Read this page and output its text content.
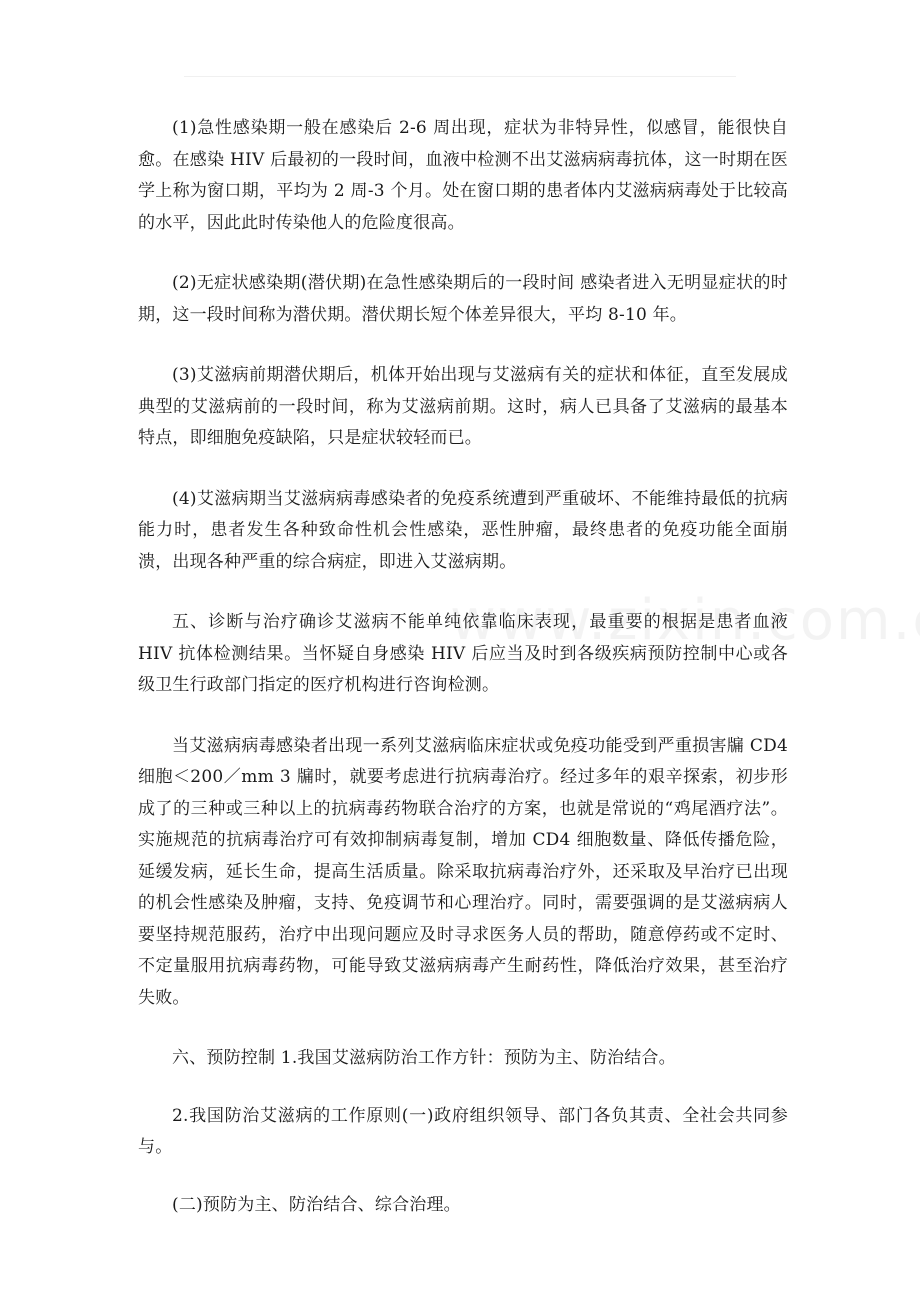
(1)急性感染期一般在感染后 2-6 周出现，症状为非特异性，似感冒，能很快自愈。在感染 HIV 后最初的一段时间，血液中检测不出艾滋病病毒抗体，这一时期在医学上称为窗口期，平均为 2 周-3 个月。处在窗口期的患者体内艾滋病病毒处于比较高的水平，因此此时传染他人的危险度很高。

(2)无症状感染期(潜伏期)在急性感染期后的一段时间 感染者进入无明显症状的时期，这一段时间称为潜伏期。潜伏期长短个体差异很大，平均 8-10 年。

(3)艾滋病前期潜伏期后，机体开始出现与艾滋病有关的症状和体征，直至发展成典型的艾滋病前的一段时间，称为艾滋病前期。这时，病人已具备了艾滋病的最基本特点，即细胞免疫缺陷，只是症状较轻而已。

(4)艾滋病期当艾滋病病毒感染者的免疫系统遭到严重破坏、不能维持最低的抗病能力时，患者发生各种致命性机会性感染，恶性肿瘤，最终患者的免疫功能全面崩溃，出现各种严重的综合病症，即进入艾滋病期。

五、诊断与治疗确诊艾滋病不能单纯依靠临床表现，最重要的根据是患者血液 HIV 抗体检测结果。当怀疑自身感染 HIV 后应当及时到各级疾病预防控制中心或各级卫生行政部门指定的医疗机构进行咨询检测。

当艾滋病病毒感染者出现一系列艾滋病临床症状或免疫功能受到严重损害牖 CD4 细胞＜200／mm 3 牖时，就要考虑进行抗病毒治疗。经过多年的艰辛探索，初步形成了的三种或三种以上的抗病毒药物联合治疗的方案，也就是常说的“鸡尾酒疗法”。实施规范的抗病毒治疗可有效抑制病毒复制，增加 CD4 细胞数量、降低传播危险，延缓发病，延长生命，提高生活质量。除采取抗病毒治疗外，还采取及早治疗已出现的机会性感染及肿瘤，支持、免疫调节和心理治疗。同时，需要强调的是艾滋病病人要坚持规范服药，治疗中出现问题应及时寻求医务人员的帮助，随意停药或不定时、不定量服用抗病毒药物，可能导致艾滋病病毒产生耐药性，降低治疗效果，甚至治疗失败。

六、预防控制 1.我国艾滋病防治工作方针：预防为主、防治结合。

2.我国防治艾滋病的工作原则(一)政府组织领导、部门各负其责、全社会共同参与。

(二)预防为主、防治结合、综合治理。
